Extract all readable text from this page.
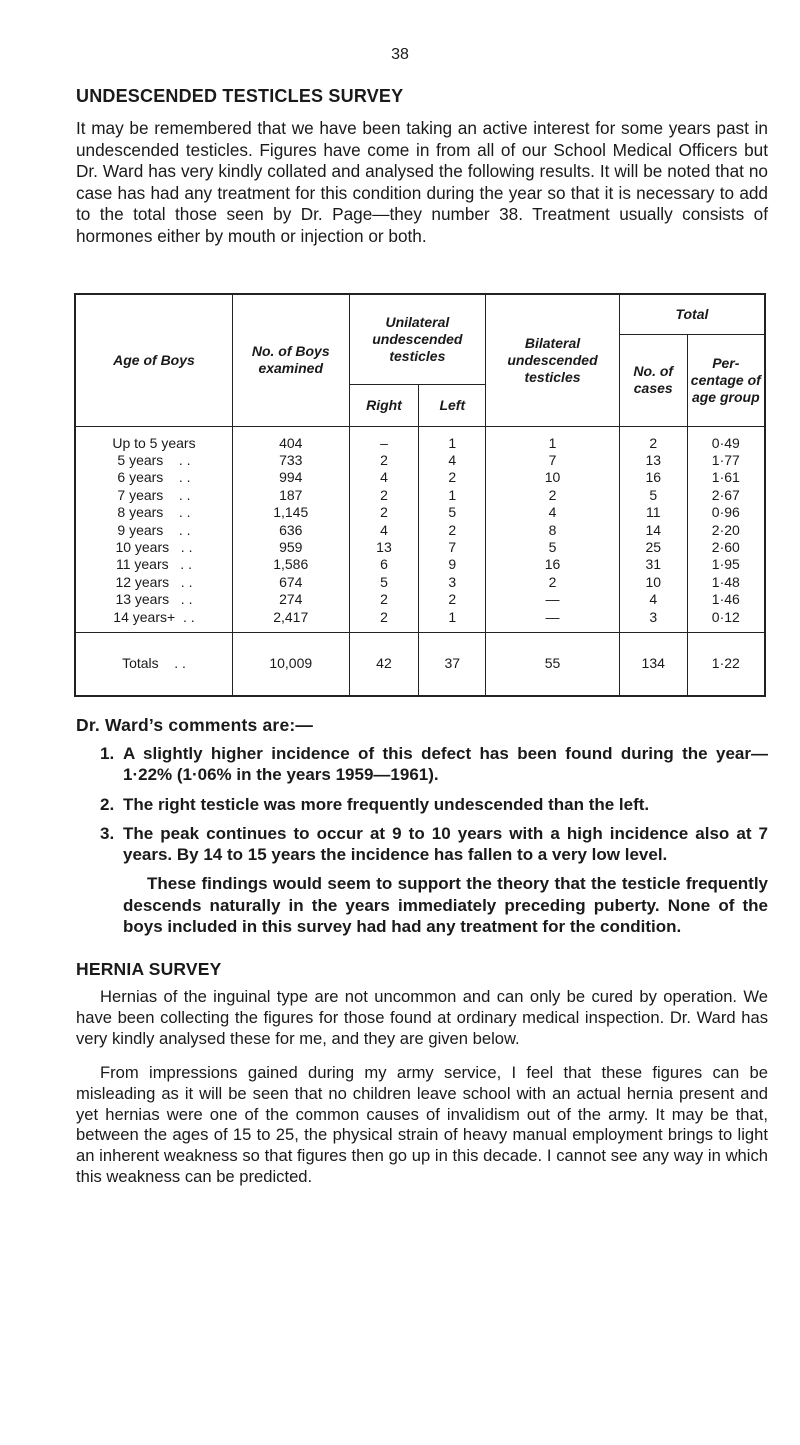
38
UNDESCENDED TESTICLES SURVEY

It may be remembered that we have been taking an active interest for some years past in undescended testicles. Figures have come in from all of our School Medical Officers but Dr. Ward has very kindly collated and analysed the following results. It will be noted that no case has had any treatment for this condition during the year so that it is necessary to add to the total those seen by Dr. Page—they number 38. Treatment usually consists of hormones either by mouth or injection or both.

Age of Boys	No. of Boys examined	Unilateral undescended testicles		Bilateral undescended testicles	Total	
					No. of cases	Per- centage of age group
		Right	Left			
Up to 5 years	404	–	1	1	2	0·49
5 years    . .	733	2	4	7	13	1·77
6 years    . .	994	4	2	10	16	1·61
7 years    . .	187	2	1	2	5	2·67
8 years    . .	1,145	2	5	4	11	0·96
9 years    . .	636	4	2	8	14	2·20
10 years   . .	959	13	7	5	25	2·60
11 years   . .	1,586	6	9	16	31	1·95
12 years   . .	674	5	3	2	10	1·48
13 years   . .	274	2	2	—	4	1·46
14 years+  . .	2,417	2	1	—	3	0·12
Totals    . .	10,009	42	37	55	134	1·22
Dr. Ward’s comments are:—
1. A slightly higher incidence of this defect has been found during the year—1·22% (1·06% in the years 1959—1961).
2. The right testicle was more frequently undescended than the left.
3. The peak continues to occur at 9 to 10 years with a high incidence also at 7 years. By 14 to 15 years the incidence has fallen to a very low level.

These findings would seem to support the theory that the testicle frequently descends naturally in the years immediately preceding puberty. None of the boys included in this survey had had any treatment for the condition.

HERNIA SURVEY

Hernias of the inguinal type are not uncommon and can only be cured by operation. We have been collecting the figures for those found at ordinary medical inspection. Dr. Ward has very kindly analysed these for me, and they are given below.

From impressions gained during my army service, I feel that these figures can be misleading as it will be seen that no children leave school with an actual hernia present and yet hernias were one of the common causes of invalidism out of the army. It may be that, between the ages of 15 to 25, the physical strain of heavy manual employment brings to light an inherent weakness so that figures then go up in this decade. I cannot see any way in which this weakness can be predicted.
